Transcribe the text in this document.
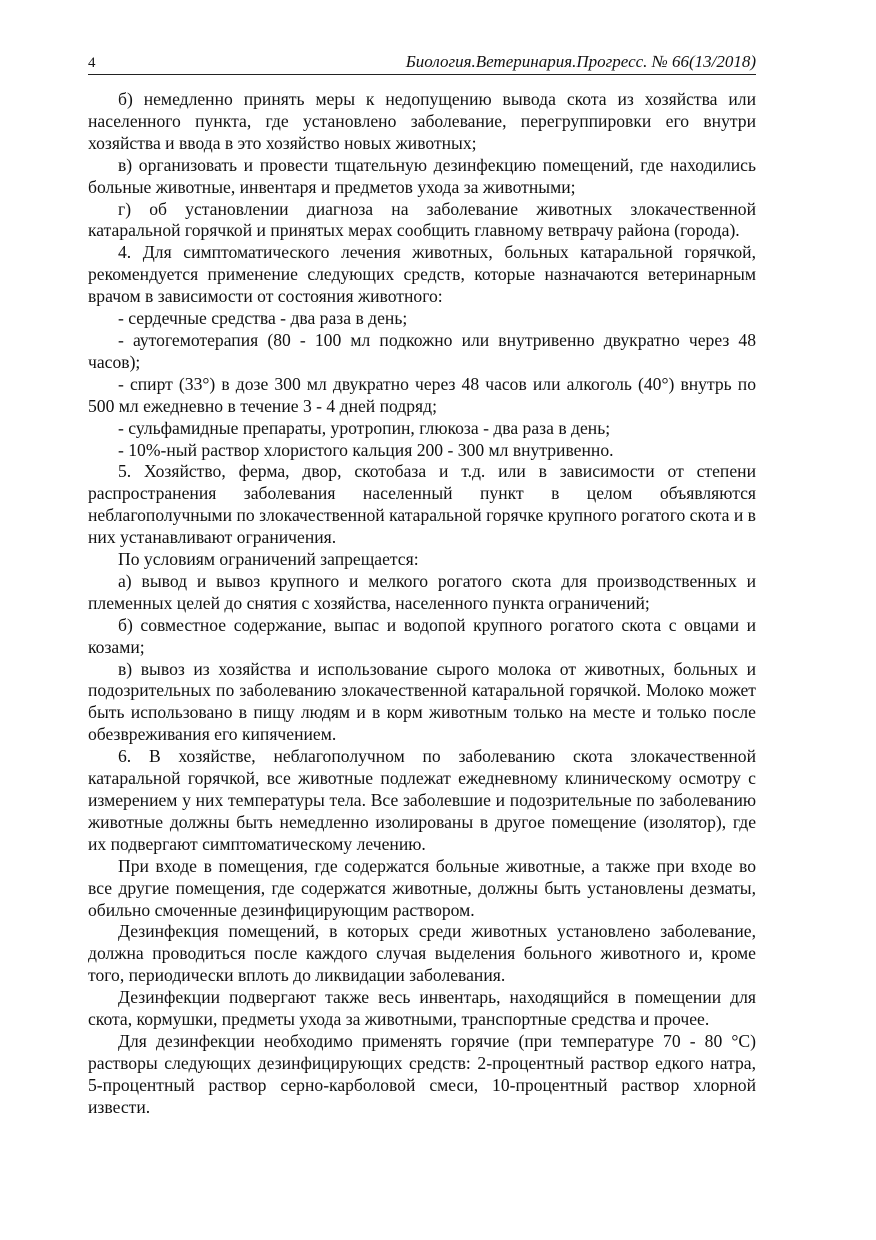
4	Биология.Ветеринария.Прогресс. № 66(13/2018)

б) немедленно принять меры к недопущению вывода скота из хозяйства или населенного пункта, где установлено заболевание, перегруппировки его внутри хозяйства и ввода в это хозяйство новых животных;

в) организовать и провести тщательную дезинфекцию помещений, где находились больные животные, инвентаря и предметов ухода за животными;

г) об установлении диагноза на заболевание животных злокачественной катаральной горячкой и принятых мерах сообщить главному ветврачу района (города).

4. Для симптоматического лечения животных, больных катаральной горячкой, рекомендуется применение следующих средств, которые назначаются ветеринарным врачом в зависимости от состояния животного:

- сердечные средства - два раза в день;

- аутогемотерапия (80 - 100 мл подкожно или внутривенно двукратно через 48 часов);

- спирт (33°) в дозе 300 мл двукратно через 48 часов или алкоголь (40°) внутрь по 500 мл ежедневно в течение 3 - 4 дней подряд;

- сульфамидные препараты, уротропин, глюкоза - два раза в день;

- 10%-ный раствор хлористого кальция 200 - 300 мл внутривенно.

5. Хозяйство, ферма, двор, скотобаза и т.д. или в зависимости от степени распространения заболевания населенный пункт в целом объявляются неблагополучными по злокачественной катаральной горячке крупного рогатого скота и в них устанавливают ограничения.

По условиям ограничений запрещается:

а) вывод и вывоз крупного и мелкого рогатого скота для производственных и племенных целей до снятия с хозяйства, населенного пункта ограничений;

б) совместное содержание, выпас и водопой крупного рогатого скота с овцами и козами;

в) вывоз из хозяйства и использование сырого молока от животных, больных и подозрительных по заболеванию злокачественной катаральной горячкой. Молоко может быть использовано в пищу людям и в корм животным только на месте и только после обезвреживания его кипячением.

6. В хозяйстве, неблагополучном по заболеванию скота злокачественной катаральной горячкой, все животные подлежат ежедневному клиническому осмотру с измерением у них температуры тела. Все заболевшие и подозрительные по заболеванию животные должны быть немедленно изолированы в другое помещение (изолятор), где их подвергают симптоматическому лечению.

При входе в помещения, где содержатся больные животные, а также при входе во все другие помещения, где содержатся животные, должны быть установлены дезматы, обильно смоченные дезинфицирующим раствором.

Дезинфекция помещений, в которых среди животных установлено заболевание, должна проводиться после каждого случая выделения больного животного и, кроме того, периодически вплоть до ликвидации заболевания.

Дезинфекции подвергают также весь инвентарь, находящийся в помещении для скота, кормушки, предметы ухода за животными, транспортные средства и прочее.

Для дезинфекции необходимо применять горячие (при температуре 70 - 80 °С) растворы следующих дезинфицирующих средств: 2-процентный раствор едкого натра, 5-процентный раствор серно-карболовой смеси, 10-процентный раствор хлорной извести.
